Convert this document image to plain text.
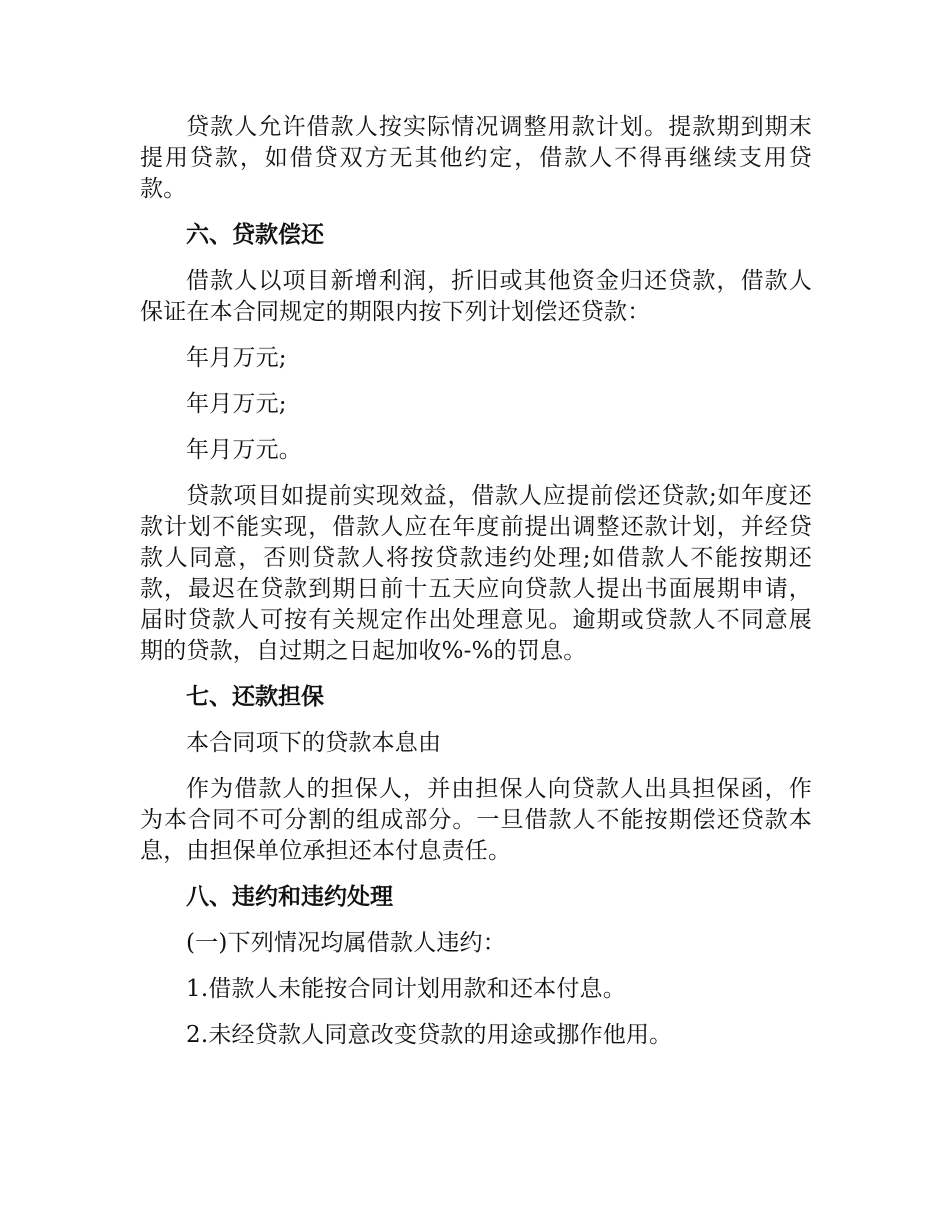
贷款人允许借款人按实际情况调整用款计划。提款期到期末提用贷款，如借贷双方无其他约定，借款人不得再继续支用贷款。

六、贷款偿还

借款人以项目新增利润，折旧或其他资金归还贷款，借款人保证在本合同规定的期限内按下列计划偿还贷款：

年月万元;

年月万元;

年月万元。

贷款项目如提前实现效益，借款人应提前偿还贷款;如年度还款计划不能实现，借款人应在年度前提出调整还款计划，并经贷款人同意，否则贷款人将按贷款违约处理;如借款人不能按期还款，最迟在贷款到期日前十五天应向贷款人提出书面展期申请，届时贷款人可按有关规定作出处理意见。逾期或贷款人不同意展期的贷款，自过期之日起加收%-%的罚息。

七、还款担保

本合同项下的贷款本息由

作为借款人的担保人，并由担保人向贷款人出具担保函，作为本合同不可分割的组成部分。一旦借款人不能按期偿还贷款本息，由担保单位承担还本付息责任。

八、违约和违约处理

(一)下列情况均属借款人违约：

1.借款人未能按合同计划用款和还本付息。

2.未经贷款人同意改变贷款的用途或挪作他用。
